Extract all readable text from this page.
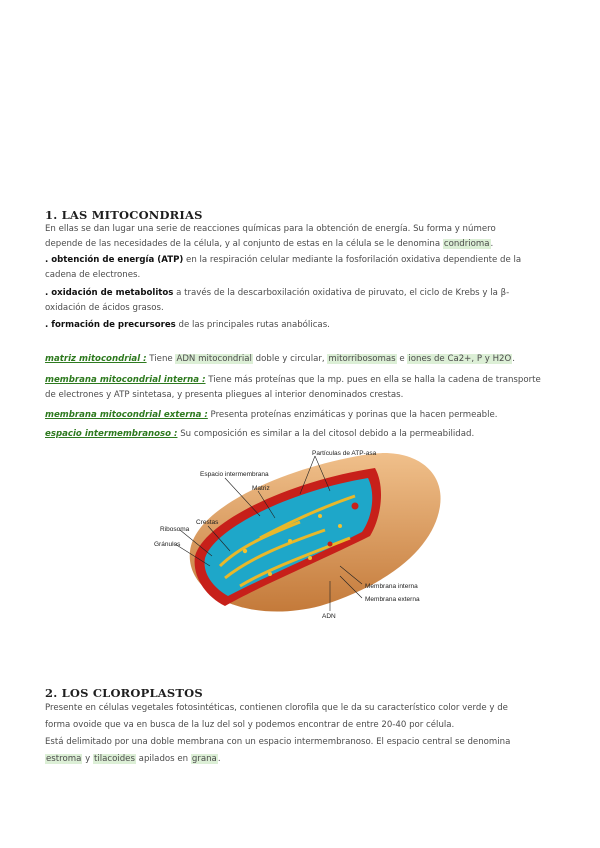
1. LAS MITOCONDRIAS
En ellas se dan lugar una serie de reacciones químicas para la obtención de energía. Su forma y número
depende de las necesidades de la célula, y al conjunto de estas en la célula se le denomina condrioma.
. obtención de energía (ATP) en la respiración celular mediante la fosforilación oxidativa dependiente de la
cadena de electrones.
. oxidación de metabolitos a través de la descarboxilación oxidativa de piruvato, el ciclo de Krebs y la β-
oxidación de ácidos grasos.
. formación de precursores de las principales rutas anabólicas.
matriz mitocondrial : Tiene ADN mitocondrial doble y circular, mitorribosomas e iones de Ca2+, P y H2O.
membrana mitocondrial interna : Tiene más proteínas que la mp. pues en ella se halla la cadena de transporte
de electrones y ATP sintetasa, y presenta pliegues al interior denominados crestas.
membrana mitocondrial externa : Presenta proteínas enzimáticas y porinas que la hacen permeable.
espacio intermembranoso : Su composición es similar a la del citosol debido a la permeabilidad.
Partículas de ATP-asa
Espacio intermembrana
Matriz
Crestas
Ribosoma
Gránulos
Membrana interna
Membrana externa
ADN
2. LOS CLOROPLASTOS
Presente en células vegetales fotosintéticas, contienen clorofila que le da su característico color verde y de
forma ovoide que va en busca de la luz del sol y podemos encontrar de entre 20-40 por célula.
Está delimitado por una doble membrana con un espacio intermembranoso. El espacio central se denomina
estroma y tilacoides apilados en grana.
